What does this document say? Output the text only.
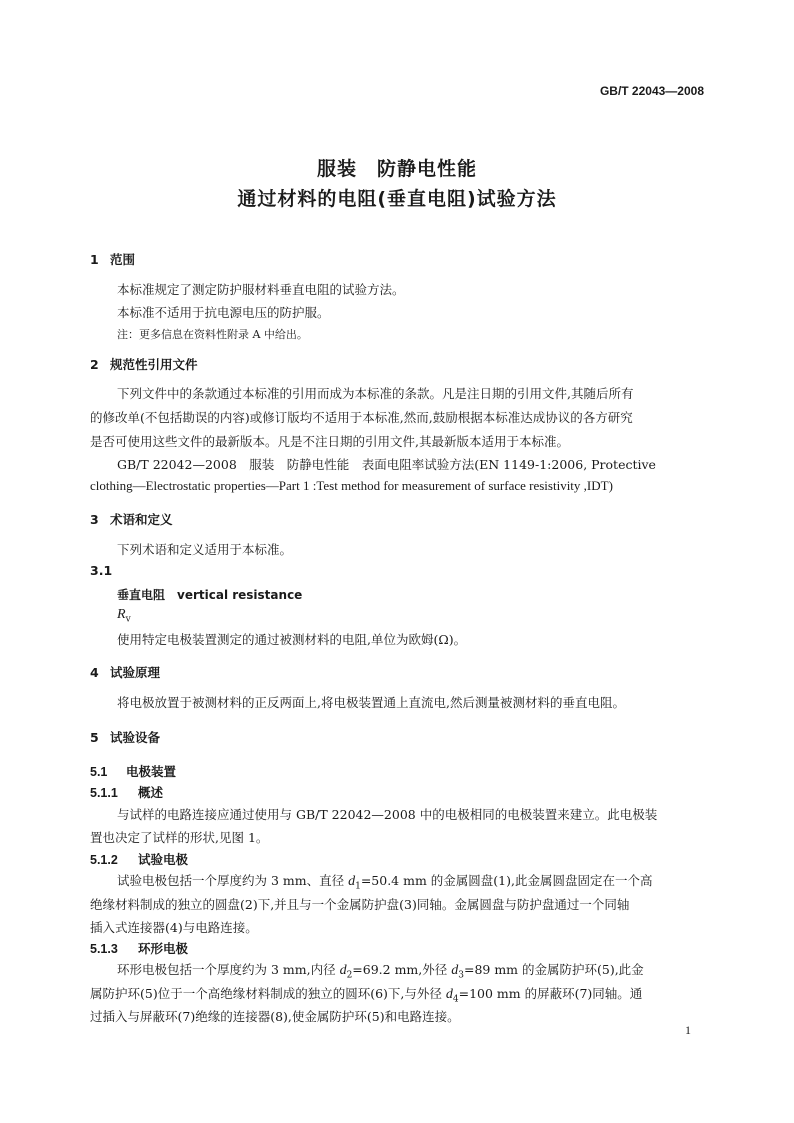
GB/T 22043—2008
服装　防静电性能
通过材料的电阻(垂直电阻)试验方法
1 范围
本标准规定了测定防护服材料垂直电阻的试验方法。
本标准不适用于抗电源电压的防护服。
注：更多信息在资料性附录 A 中给出。
2 规范性引用文件
下列文件中的条款通过本标准的引用而成为本标准的条款。凡是注日期的引用文件,其随后所有
的修改单(不包括勘误的内容)或修订版均不适用于本标准,然而,鼓励根据本标准达成协议的各方研究
是否可使用这些文件的最新版本。凡是不注日期的引用文件,其最新版本适用于本标准。
GB/T 22042—2008　服装　防静电性能　表面电阻率试验方法(EN 1149-1:2006, Protective
clothing—Electrostatic properties—Part 1 :Test method for measurement of surface resistivity ,IDT)
3 术语和定义
下列术语和定义适用于本标准。
3.1
垂直电阻　vertical resistance
$R_v$
使用特定电极装置测定的通过被测材料的电阻,单位为欧姆(Ω)。
4 试验原理
将电极放置于被测材料的正反两面上,将电极装置通上直流电,然后测量被测材料的垂直电阻。
5 试验设备
5.1 电极装置
5.1.1 概述
与试样的电路连接应通过使用与 GB/T 22042—2008 中的电极相同的电极装置来建立。此电极装
置也决定了试样的形状,见图 1。
5.1.2 试验电极
试验电极包括一个厚度约为 3 mm、直径 $d_1=50.4$ mm 的金属圆盘(1),此金属圆盘固定在一个高
绝缘材料制成的独立的圆盘(2)下,并且与一个金属防护盘(3)同轴。金属圆盘与防护盘通过一个同轴
插入式连接器(4)与电路连接。
5.1.3 环形电极
环形电极包括一个厚度约为 3 mm,内径 $d_2=69.2$ mm,外径 $d_3=89$ mm 的金属防护环(5),此金
属防护环(5)位于一个高绝缘材料制成的独立的圆环(6)下,与外径 $d_4=100$ mm 的屏蔽环(7)同轴。通
过插入与屏蔽环(7)绝缘的连接器(8),使金属防护环(5)和电路连接。
1
